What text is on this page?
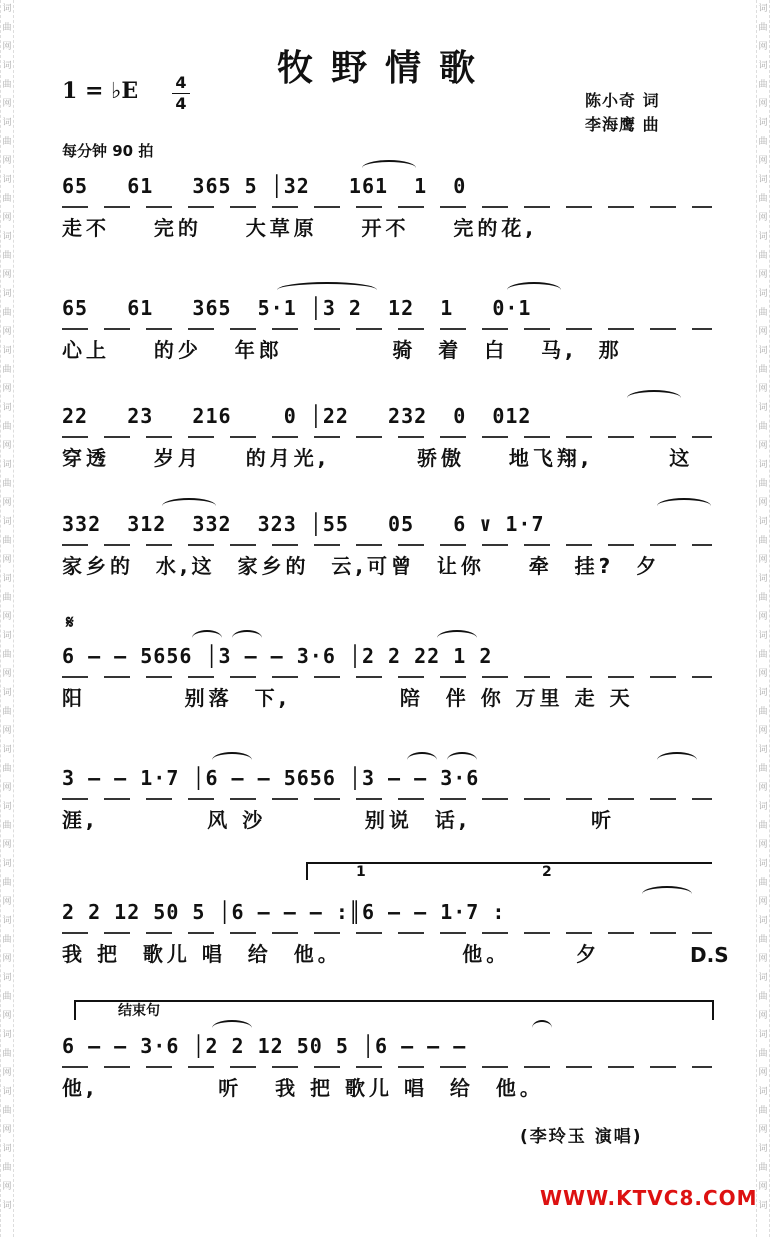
词
曲
网
词
曲
网
词
曲
网
词
曲
网
词
曲
网
词
曲
网
词
曲
网
词
曲
网
词
曲
网
词
曲
网
词
曲
网
词
曲
网
词
曲
网
词
曲
网
词
曲
网
词
曲
网
词
曲
网
词
曲
网
词
曲
网
词
曲
网
词
曲
网
词
词
曲
网
词
曲
网
词
曲
网
词
曲
网
词
曲
网
词
曲
网
词
曲
网
词
曲
网
词
曲
网
词
曲
网
词
曲
网
词
曲
网
词
曲
网
词
曲
网
词
曲
网
词
曲
网
词
曲
网
词
曲
网
词
曲
网
词
曲
网
词
曲
网
词
牧野情歌
1 = ♭E 4
4
每分钟 90 拍
陈小奇 词
李海鹰 曲
65   61   365 5 │32   161  1  0
走不    完的    大草原    开不    完的花,
65   61   365  5·1 │3 2  12  1   0·1
心上    的少   年郎          骑  着  白   马,  那
22   23   216    0 │22   232  0  012
穿透    岁月    的月光,        骄傲    地飞翔,       这
332  312  332  323 │55   05   6 ∨ 1·7
家乡的  水,这  家乡的  云,可曾  让你    牵  挂?  夕
𝄋
6 — — 5656 │3 — — 3·6 │2 2 22 1 2
阳         别落  下,          陪  伴 你 万里 走 天
3 — — 1·7 │6 — — 5656 │3 — — 3·6
涯,          风 沙         别说  话,           听
1	2
2 2 12 50 5 │6 — — — :║6 — — 1·7 :
我 把  歌儿 唱  给  他。           他。      夕	D.S
结束句
6 — — 3·6 │2 2 12 50 5 │6 — — —
他,           听   我 把 歌儿 唱  给  他。
(李玲玉 演唱)
WWW.KTVC8.COM
